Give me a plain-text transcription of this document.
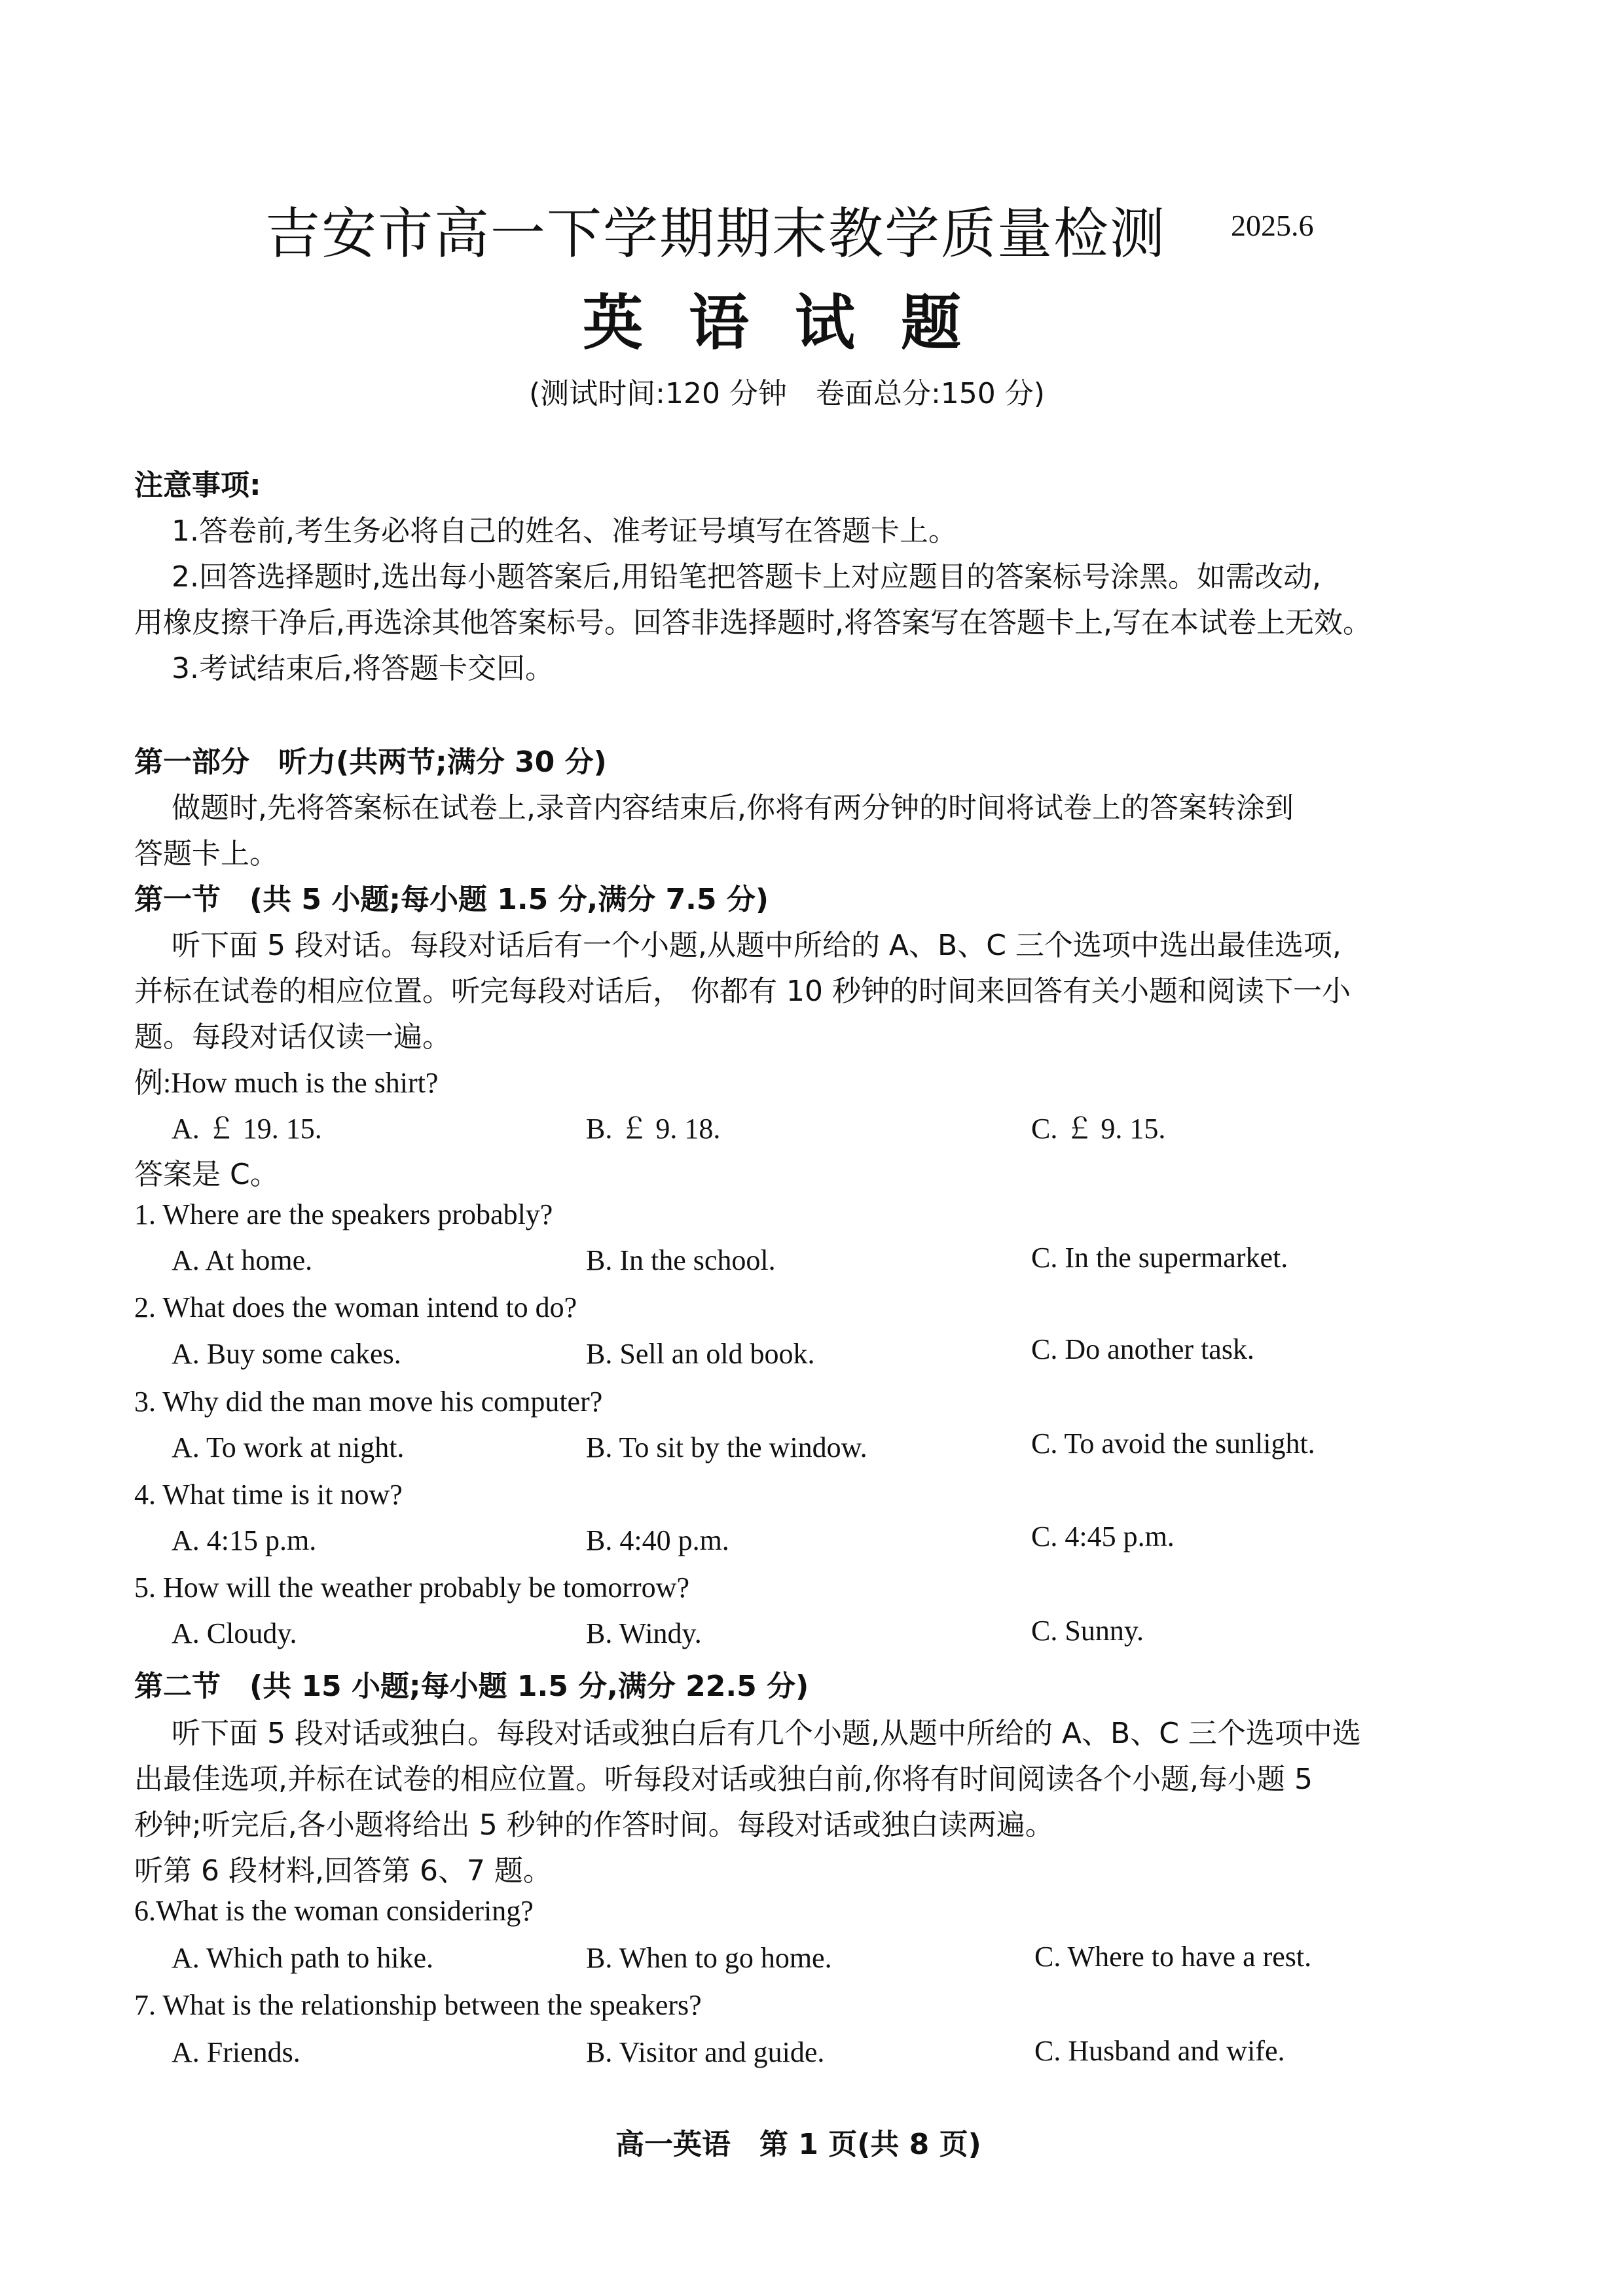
吉安市高一下学期期末教学质量检测 2025.6
英语试题
(测试时间:120 分钟　卷面总分:150 分)
注意事项:
1.答卷前,考生务必将自己的姓名、准考证号填写在答题卡上。
2.回答选择题时,选出每小题答案后,用铅笔把答题卡上对应题目的答案标号涂黑。如需改动,
用橡皮擦干净后,再选涂其他答案标号。回答非选择题时,将答案写在答题卡上,写在本试卷上无效。
3.考试结束后,将答题卡交回。
第一部分　听力(共两节;满分 30 分)
做题时,先将答案标在试卷上,录音内容结束后,你将有两分钟的时间将试卷上的答案转涂到
答题卡上。
第一节　(共 5 小题;每小题 1.5 分,满分 7.5 分)
听下面 5 段对话。每段对话后有一个小题,从题中所给的 A、B、C 三个选项中选出最佳选项,
并标在试卷的相应位置。听完每段对话后， 你都有 10 秒钟的时间来回答有关小题和阅读下一小
题。每段对话仅读一遍。
例:How much is the shirt?
A. ￡ 19. 15.	B. ￡ 9. 18.	C. ￡ 9. 15.
答案是 C。
1. Where are the speakers probably?
A. At home.	B. In the school.	C. In the supermarket.
2. What does the woman intend to do?
A. Buy some cakes.	B. Sell an old book.	C. Do another task.
3. Why did the man move his computer?
A. To work at night.	B. To sit by the window.	C. To avoid the sunlight.
4. What time is it now?
A. 4:15 p.m.	B. 4:40 p.m.	C. 4:45 p.m.
5. How will the weather probably be tomorrow?
A. Cloudy.	B. Windy.	C. Sunny.
第二节　(共 15 小题;每小题 1.5 分,满分 22.5 分)
听下面 5 段对话或独白。每段对话或独白后有几个小题,从题中所给的 A、B、C 三个选项中选
出最佳选项,并标在试卷的相应位置。听每段对话或独白前,你将有时间阅读各个小题,每小题 5
秒钟;听完后,各小题将给出 5 秒钟的作答时间。每段对话或独白读两遍。
听第 6 段材料,回答第 6、7 题。
6.What is the woman considering?
A. Which path to hike.	B. When to go home.	C. Where to have a rest.
7. What is the relationship between the speakers?
A. Friends.	B. Visitor and guide.	C. Husband and wife.
高一英语　第 1 页(共 8 页)
